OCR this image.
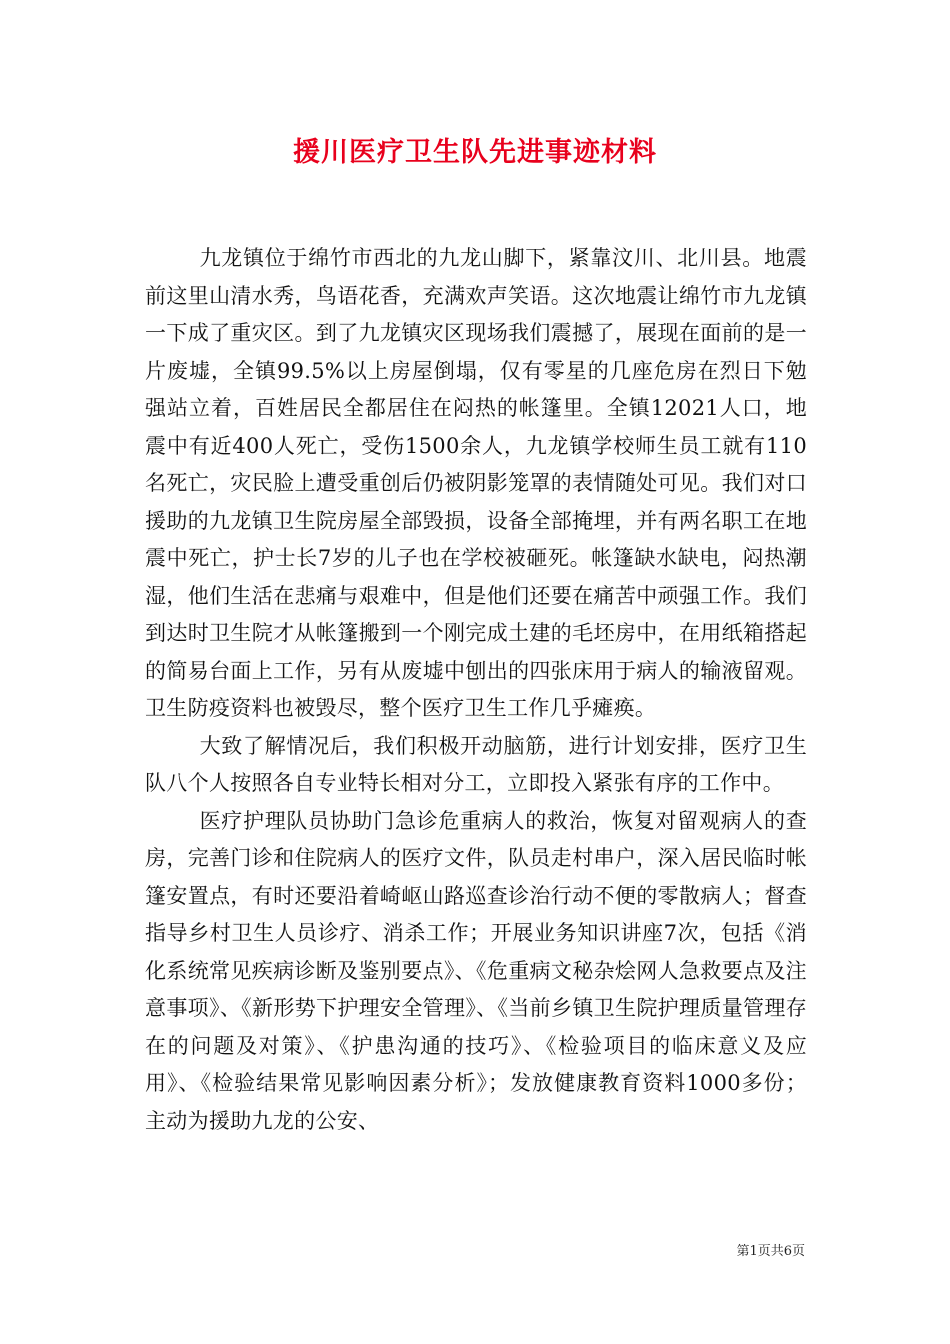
援川医疗卫生队先进事迹材料

九龙镇位于绵竹市西北的九龙山脚下，紧靠汶川、北川县。地震前这里山清水秀，鸟语花香，充满欢声笑语。这次地震让绵竹市九龙镇一下成了重灾区。到了九龙镇灾区现场我们震撼了，展现在面前的是一片废墟，全镇99.5%以上房屋倒塌，仅有零星的几座危房在烈日下勉强站立着，百姓居民全都居住在闷热的帐篷里。全镇12021人口，地震中有近400人死亡，受伤1500余人，九龙镇学校师生员工就有110名死亡，灾民脸上遭受重创后仍被阴影笼罩的表情随处可见。我们对口援助的九龙镇卫生院房屋全部毁损，设备全部掩埋，并有两名职工在地震中死亡，护士长7岁的儿子也在学校被砸死。帐篷缺水缺电，闷热潮湿，他们生活在悲痛与艰难中，但是他们还要在痛苦中顽强工作。我们到达时卫生院才从帐篷搬到一个刚完成土建的毛坯房中，在用纸箱搭起的简易台面上工作，另有从废墟中刨出的四张床用于病人的输液留观。卫生防疫资料也被毁尽，整个医疗卫生工作几乎瘫痪。

大致了解情况后，我们积极开动脑筋，进行计划安排，医疗卫生队八个人按照各自专业特长相对分工，立即投入紧张有序的工作中。

医疗护理队员协助门急诊危重病人的救治，恢复对留观病人的查房，完善门诊和住院病人的医疗文件，队员走村串户，深入居民临时帐篷安置点，有时还要沿着崎岖山路巡查诊治行动不便的零散病人；督查指导乡村卫生人员诊疗、消杀工作；开展业务知识讲座7次，包括《消化系统常见疾病诊断及鉴别要点》、《危重病文秘杂烩网人急救要点及注意事项》、《新形势下护理安全管理》、《当前乡镇卫生院护理质量管理存在的问题及对策》、《护患沟通的技巧》、《检验项目的临床意义及应用》、《检验结果常见影响因素分析》；发放健康教育资料1000多份；主动为援助九龙的公安、

第1页共6页
